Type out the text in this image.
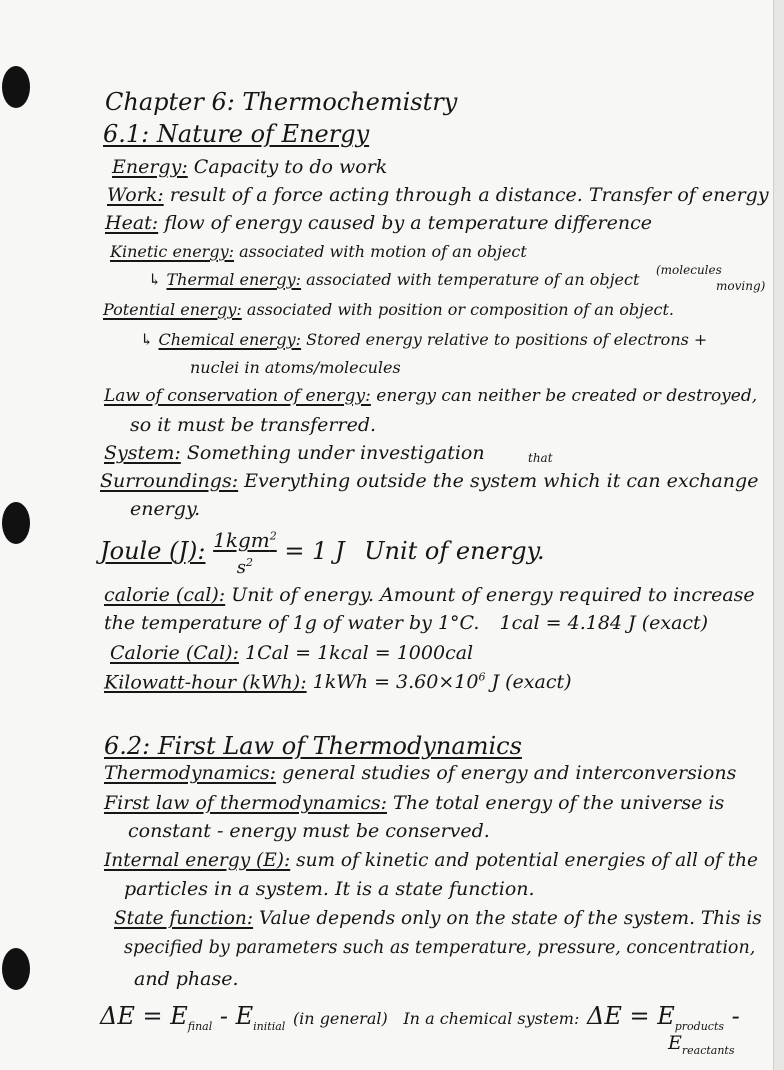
Chapter 6: Thermochemistry
6.1: Nature of Energy
Energy: Capacity to do work
Work: result of a force acting through a distance. Transfer of energy
Heat: flow of energy caused by a temperature difference
Kinetic energy: associated with motion of an object
↳ Thermal energy: associated with temperature of an object (molecules
moving)
Potential energy: associated with position or composition of an object.
↳ Chemical energy: Stored energy relative to positions of electrons +
nuclei in atoms/molecules
Law of conservation of energy: energy can neither be created or destroyed,
so it must be transferred.
System: Something under investigation	that
Surroundings: Everything outside the system which it can exchange
energy.
Joule (J): 1kgm$^2$
$s^2 = 1$ J Unit of energy.
calorie (cal): Unit of energy. Amount of energy required to increase
the temperature of 1g of water by 1°C. 1cal = 4.184 J (exact)
Calorie (Cal): 1Cal = 1kcal = 1000cal
Kilowatt-hour (kWh): $1kWh = 3.60\times 10^6$ J (exact)
6.2: First Law of Thermodynamics
Thermodynamics: general studies of energy and interconversions
First law of thermodynamics: The total energy of the universe is
constant - energy must be conserved.
Internal energy (E): sum of kinetic and potential energies of all of the
particles in a system. It is a state function.
State function: Value depends only on the state of the system. This is
specified by parameters such as temperature, pressure, concentration,
and phase.
$\Delta E = E_{final} - E_{initial}$ (in general) In a chemical system: $\Delta E = E_{products}$ -
$E_{reactants}$
